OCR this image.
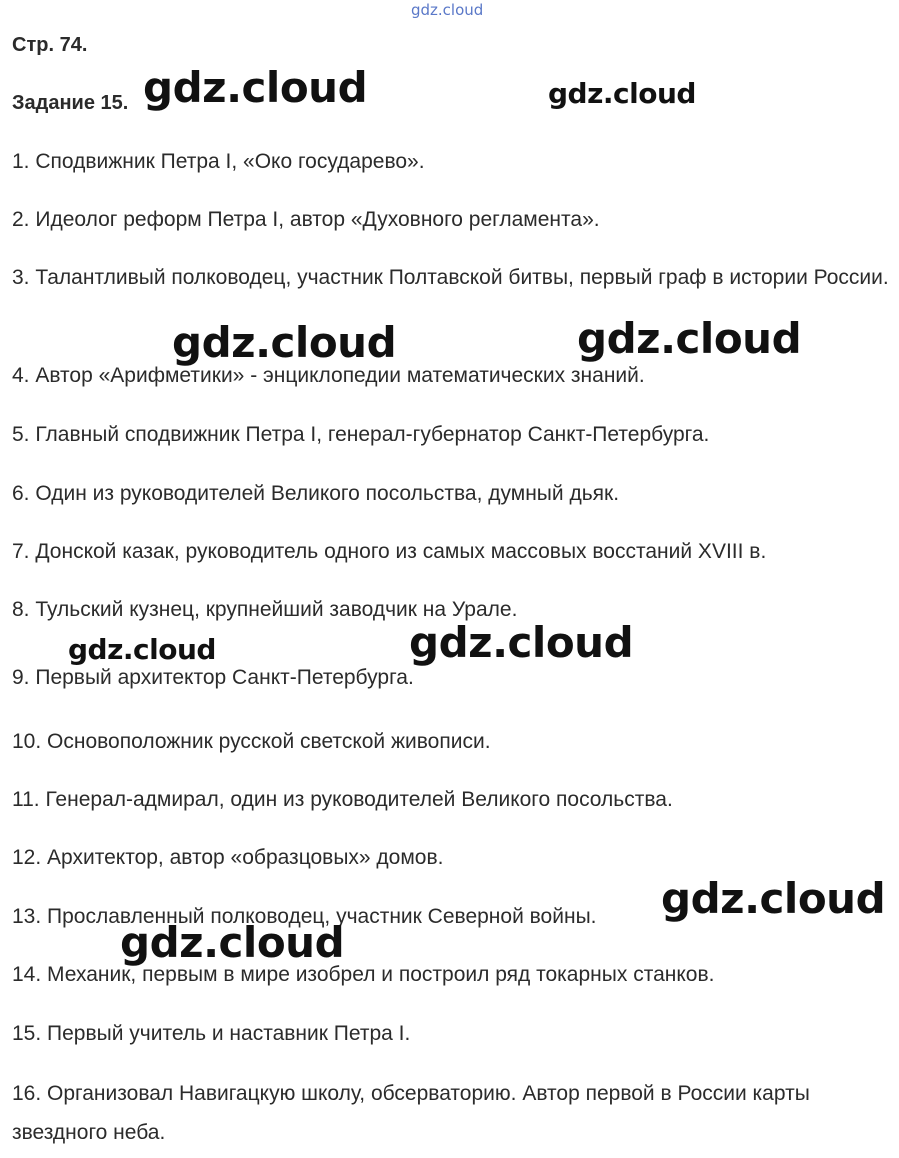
gdz.cloud
Стр. 74.
Задание 15.
1. Сподвижник Петра I, «Око государево».
2. Идеолог реформ Петра I, автор «Духовного регламента».
3. Талантливый полководец, участник Полтавской битвы, первый граф в истории России.
4. Автор «Арифметики» - энциклопедии математических знаний.
5. Главный сподвижник Петра I, генерал-губернатор Санкт-Петербурга.
6. Один из руководителей Великого посольства, думный дьяк.
7. Донской казак, руководитель одного из самых массовых восстаний XVIII в.
8. Тульский кузнец, крупнейший заводчик на Урале.
9. Первый архитектор Санкт-Петербурга.
10. Основоположник русской светской живописи.
11. Генерал-адмирал, один из руководителей Великого посольства.
12. Архитектор, автор «образцовых» домов.
13. Прославленный полководец, участник Северной войны.
14. Механик, первым в мире изобрел и построил ряд токарных станков.
15. Первый учитель и наставник Петра I.
16. Организовал Навигацкую школу, обсерваторию. Автор первой в России карты звездного неба.
gdz.cloud	gdz.cloud
gdz.cloud	gdz.cloud
gdz.cloud	gdz.cloud
gdz.cloud
gdz.cloud
